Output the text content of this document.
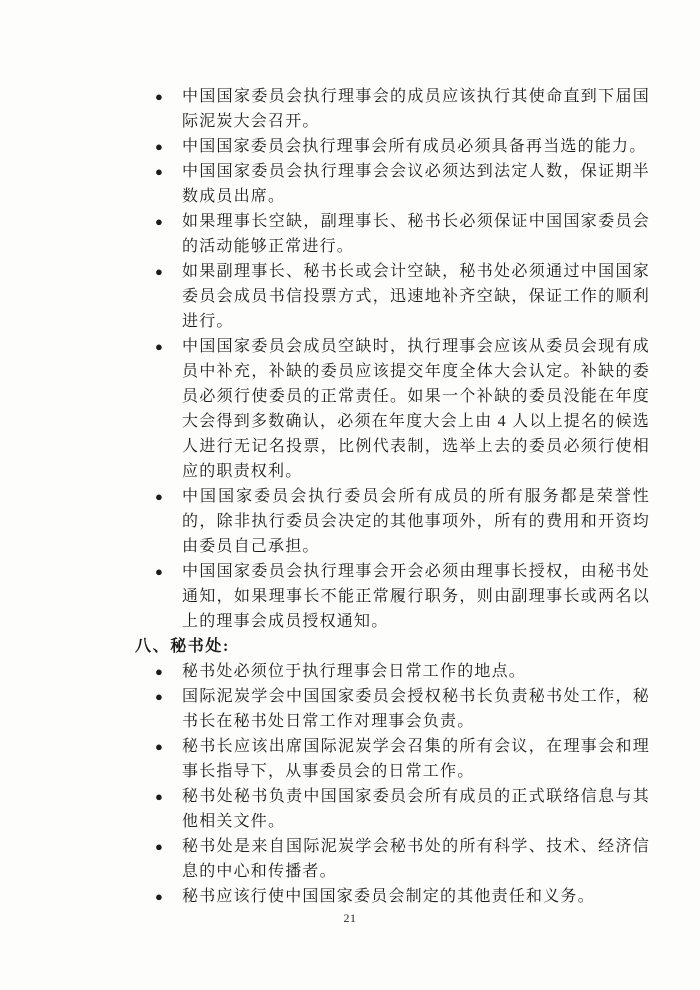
● 中国国家委员会执行理事会的成员应该执行其使命直到下届国际泥炭大会召开。
● 中国国家委员会执行理事会所有成员必须具备再当选的能力。
● 中国国家委员会执行理事会会议必须达到法定人数，保证期半数成员出席。
● 如果理事长空缺，副理事长、秘书长必须保证中国国家委员会的活动能够正常进行。
● 如果副理事长、秘书长或会计空缺，秘书处必须通过中国国家委员会成员书信投票方式，迅速地补齐空缺，保证工作的顺利进行。
● 中国国家委员会成员空缺时，执行理事会应该从委员会现有成员中补充，补缺的委员应该提交年度全体大会认定。补缺的委员必须行使委员的正常责任。如果一个补缺的委员没能在年度大会得到多数确认，必须在年度大会上由 4 人以上提名的候选人进行无记名投票，比例代表制，选举上去的委员必须行使相应的职责权利。
● 中国国家委员会执行委员会所有成员的所有服务都是荣誉性的，除非执行委员会决定的其他事项外，所有的费用和开资均由委员自己承担。
● 中国国家委员会执行理事会开会必须由理事长授权，由秘书处通知，如果理事长不能正常履行职务，则由副理事长或两名以上的理事会成员授权通知。
八、秘书处:
● 秘书处必须位于执行理事会日常工作的地点。
● 国际泥炭学会中国国家委员会授权秘书长负责秘书处工作，秘书长在秘书处日常工作对理事会负责。
● 秘书长应该出席国际泥炭学会召集的所有会议，在理事会和理事长指导下，从事委员会的日常工作。
● 秘书处秘书负责中国国家委员会所有成员的正式联络信息与其他相关文件。
● 秘书处是来自国际泥炭学会秘书处的所有科学、技术、经济信息的中心和传播者。
● 秘书应该行使中国国家委员会制定的其他责任和义务。
21
